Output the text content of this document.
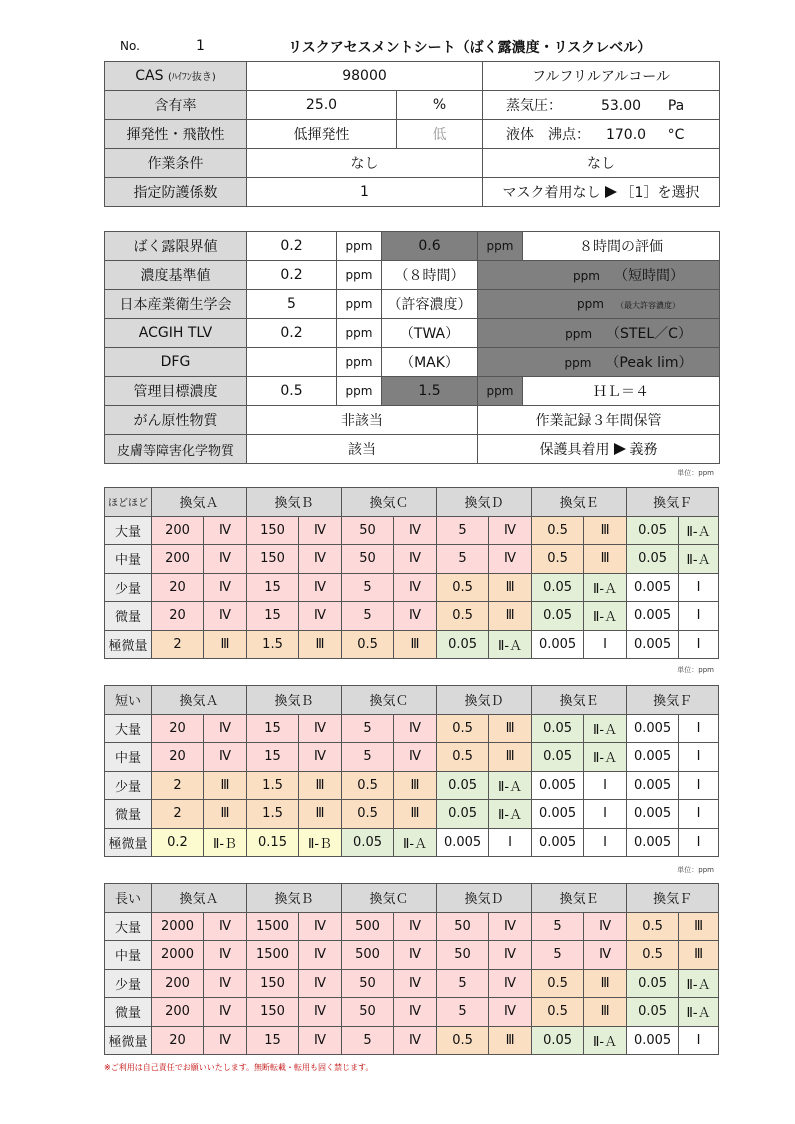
No.	1	リスクアセスメントシート（ばく露濃度・リスクレベル）
CAS (ﾊｲﾌﾝ抜き)	98000		フルフリルアルコール
含有率	25.0	%	蒸気圧： 53.00 Pa
揮発性・飛散性	低揮発性	低	液体　沸点： 170.0 °C
作業条件	なし		なし
指定防護係数	1		マスク着用なし ［1］を選択
ばく露限界値	0.2	ppm	0.6	ppm	８時間の評価
濃度基準値	0.2	ppm	（８時間）	ppm （短時間）	
日本産業衛生学会	5	ppm	（許容濃度）	ppm （最大許容濃度）	
ACGIH TLV	0.2	ppm	（TWA）	ppm （STEL／C）	
DFG		ppm	（MAK）	ppm （Peak lim）	
管理目標濃度	0.5	ppm	1.5	ppm	ＨＬ＝４
がん原性物質	非該当			作業記録３年間保管	
皮膚等障害化学物質	該当			保護具着用 義務	
単位：ppm
単位：ppm
単位：ppm
ほどほど	換気Ａ		換気Ｂ		換気Ｃ		換気Ｄ		換気Ｅ		換気Ｆ	
大量	200	Ⅳ	150	Ⅳ	50	Ⅳ	5	Ⅳ	0.5	Ⅲ	0.05	Ⅱ-Ａ
中量	200	Ⅳ	150	Ⅳ	50	Ⅳ	5	Ⅳ	0.5	Ⅲ	0.05	Ⅱ-Ａ
少量	20	Ⅳ	15	Ⅳ	5	Ⅳ	0.5	Ⅲ	0.05	Ⅱ-Ａ	0.005	Ⅰ
微量	20	Ⅳ	15	Ⅳ	5	Ⅳ	0.5	Ⅲ	0.05	Ⅱ-Ａ	0.005	Ⅰ
極微量	2	Ⅲ	1.5	Ⅲ	0.5	Ⅲ	0.05	Ⅱ-Ａ	0.005	Ⅰ	0.005	Ⅰ
短い	換気Ａ		換気Ｂ		換気Ｃ		換気Ｄ		換気Ｅ		換気Ｆ	
大量	20	Ⅳ	15	Ⅳ	5	Ⅳ	0.5	Ⅲ	0.05	Ⅱ-Ａ	0.005	Ⅰ
中量	20	Ⅳ	15	Ⅳ	5	Ⅳ	0.5	Ⅲ	0.05	Ⅱ-Ａ	0.005	Ⅰ
少量	2	Ⅲ	1.5	Ⅲ	0.5	Ⅲ	0.05	Ⅱ-Ａ	0.005	Ⅰ	0.005	Ⅰ
微量	2	Ⅲ	1.5	Ⅲ	0.5	Ⅲ	0.05	Ⅱ-Ａ	0.005	Ⅰ	0.005	Ⅰ
極微量	0.2	Ⅱ-Ｂ	0.15	Ⅱ-Ｂ	0.05	Ⅱ-Ａ	0.005	Ⅰ	0.005	Ⅰ	0.005	Ⅰ
長い	換気Ａ		換気Ｂ		換気Ｃ		換気Ｄ		換気Ｅ		換気Ｆ	
大量	2000	Ⅳ	1500	Ⅳ	500	Ⅳ	50	Ⅳ	5	Ⅳ	0.5	Ⅲ
中量	2000	Ⅳ	1500	Ⅳ	500	Ⅳ	50	Ⅳ	5	Ⅳ	0.5	Ⅲ
少量	200	Ⅳ	150	Ⅳ	50	Ⅳ	5	Ⅳ	0.5	Ⅲ	0.05	Ⅱ-Ａ
微量	200	Ⅳ	150	Ⅳ	50	Ⅳ	5	Ⅳ	0.5	Ⅲ	0.05	Ⅱ-Ａ
極微量	20	Ⅳ	15	Ⅳ	5	Ⅳ	0.5	Ⅲ	0.05	Ⅱ-Ａ	0.005	Ⅰ
※ご利用は自己責任でお願いいたします。無断転載・転用も固く禁じます。
